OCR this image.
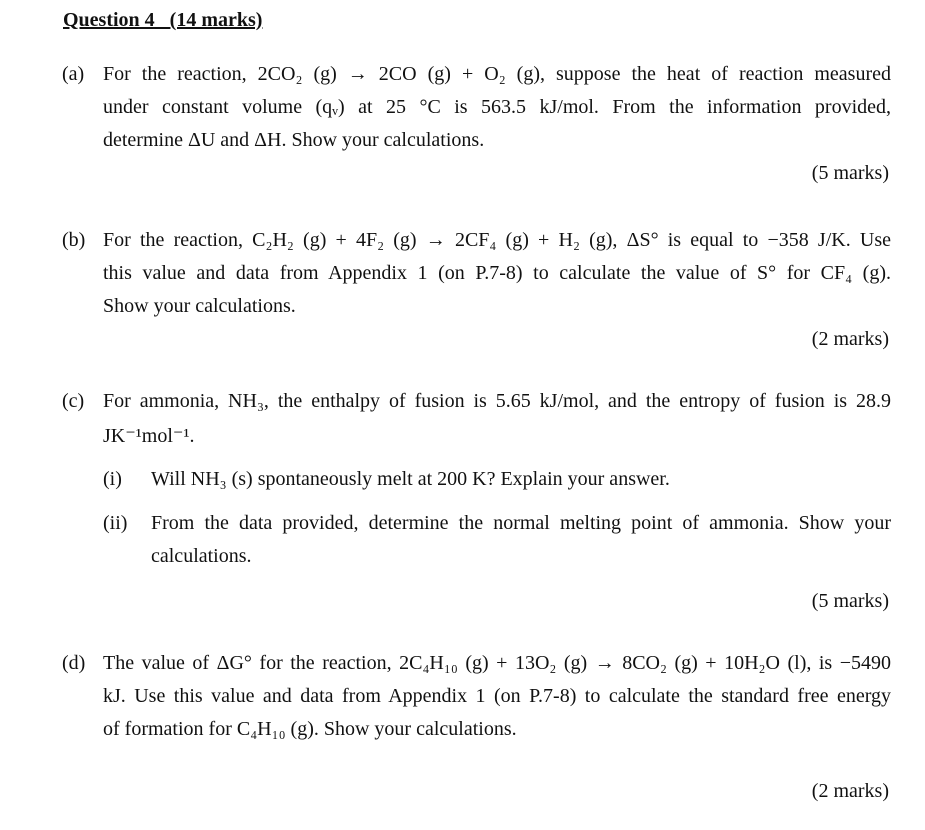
Question 4   (14 marks)
(a) For the reaction, 2CO₂ (g) → 2CO (g) + O₂ (g), suppose the heat of reaction measured
under constant volume (qᵥ) at 25 °C is 563.5 kJ/mol. From the information provided,
determine ΔU and ΔH. Show your calculations.
(5 marks)
(b) For the reaction, C₂H₂ (g) + 4F₂ (g) → 2CF₄ (g) + H₂ (g), ΔS° is equal to −358 J/K. Use
this value and data from Appendix 1 (on P.7-8) to calculate the value of S° for CF₄ (g).
Show your calculations.
(2 marks)
(c) For ammonia, NH₃, the enthalpy of fusion is 5.65 kJ/mol, and the entropy of fusion is 28.9
JK⁻¹mol⁻¹.
(i) Will NH₃ (s) spontaneously melt at 200 K? Explain your answer.
(ii) From the data provided, determine the normal melting point of ammonia. Show your
calculations.
(5 marks)
(d) The value of ΔG° for the reaction, 2C₄H₁₀ (g) + 13O₂ (g) → 8CO₂ (g) + 10H₂O (l), is −5490
kJ. Use this value and data from Appendix 1 (on P.7-8) to calculate the standard free energy
of formation for C₄H₁₀ (g). Show your calculations.
(2 marks)
